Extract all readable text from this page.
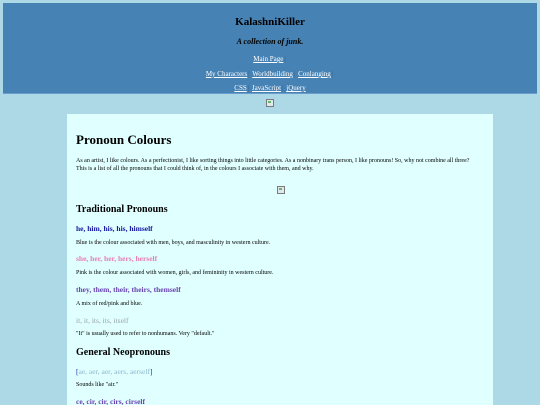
KalashniKiller
A collection of junk.
Main Page|
My Characters| Worldbuilding| Conlanging|
CSS| JavaScript| jQuery
Pronoun Colours
As an artist, I like colours. As a perfectionist, I like sorting things into little categories. As a nonbinary trans person, I like pronouns! So, why not combine all three?
This is a list of all the pronouns that I could think of, in the colours I associate with them, and why.
Traditional Pronouns
he, him, his, his, himself
Blue is the colour associated with men, boys, and masculinity in western culture.
she, her, her, hers, herself
Pink is the colour associated with women, girls, and femininity in western culture.
they, them, their, theirs, themself
A mix of red/pink and blue.
it, it, its, its, itself
"It" is usually used to refer to nonhumans. Very "default."
General Neopronouns
[ae, aer, aer, aers, aerself]
Sounds like "air."
ce, cir, cir, cirs, cirself
